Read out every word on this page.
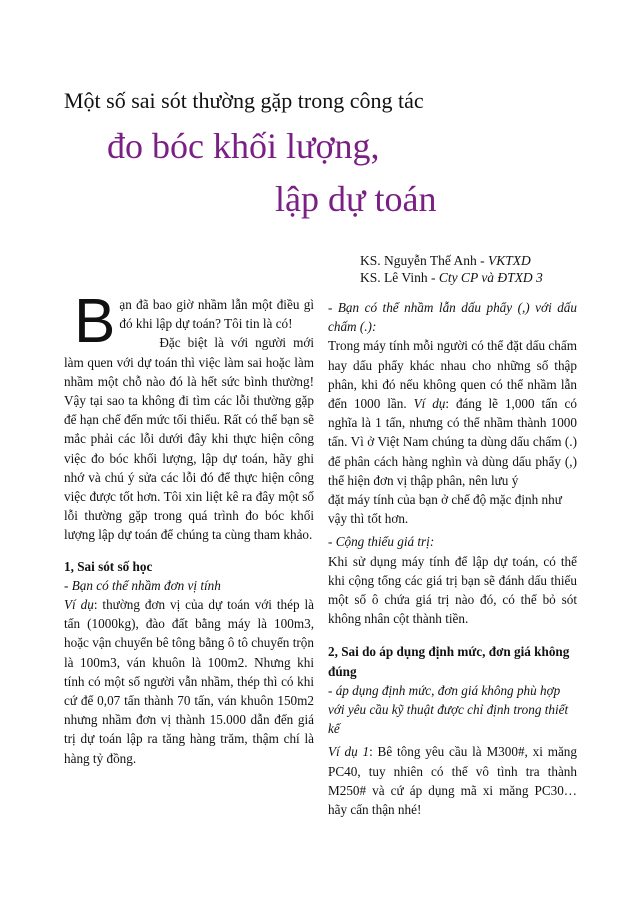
Một số sai sót thường gặp trong công tác
đo bóc khối lượng,
lập dự toán
KS. Nguyễn Thế Anh - VKTXD
KS. Lê Vinh - Cty CP và ĐTXD 3

Bạn đã bao giờ nhầm lẫn một điều gì đó khi lập dự toán? Tôi tin là có!

Đặc biệt là với người mới làm quen với dự toán thì việc làm sai hoặc làm nhầm một chỗ nào đó là hết sức bình thường! Vậy tại sao ta không đi tìm các lỗi thường gặp để hạn chế đến mức tối thiểu. Rất có thể bạn sẽ mắc phải các lỗi dưới đây khi thực hiện công việc đo bóc khối lượng, lập dự toán, hãy ghi nhớ và chú ý sửa các lỗi đó để thực hiện công việc được tốt hơn. Tôi xin liệt kê ra đây một số lỗi thường gặp trong quá trình đo bóc khối lượng lập dự toán để chúng ta cùng tham khảo.

1, Sai sót số học

- Bạn có thể nhầm đơn vị tính

Ví dụ: thường đơn vị của dự toán với thép là tấn (1000kg), đào đất bằng máy là 100m3, hoặc vận chuyển bê tông bằng ô tô chuyển trộn là 100m3, ván khuôn là 100m2. Nhưng khi tính có một số người vẫn nhầm, thép thì có khi cứ để 0,07 tấn thành 70 tấn, ván khuôn 150m2 nhưng nhầm đơn vị thành 15.000 dẫn đến giá trị dự toán lập ra tăng hàng trăm, thậm chí là hàng tỷ đồng.

- Bạn có thể nhầm lẫn dấu phẩy (,) với dấu chấm (.):

Trong máy tính mỗi người có thể đặt dấu chấm hay dấu phẩy khác nhau cho những số thập phân, khi đó nếu không quen có thể nhầm lẫn đến 1000 lần. Ví dụ: đáng lẽ 1,000 tấn có nghĩa là 1 tấn, nhưng có thể nhầm thành 1000 tấn. Vì ở Việt Nam chúng ta dùng dấu chấm (.) để phân cách hàng nghìn và dùng dấu phẩy (,) thể hiện đơn vị thập phân, nên lưu ý

đặt máy tính của bạn ở chế độ mặc định như vậy thì tốt hơn.

- Cộng thiếu giá trị:

Khi sử dụng máy tính để lập dự toán, có thể khi cộng tổng các giá trị bạn sẽ đánh dấu thiếu một số ô chứa giá trị nào đó, có thể bỏ sót không nhân cột thành tiền.

2, Sai do áp dụng định mức, đơn giá không đúng

- áp dụng định mức, đơn giá không phù hợp với yêu cầu kỹ thuật được chỉ định trong thiết kế

Ví dụ 1: Bê tông yêu cầu là M300#, xi măng PC40, tuy nhiên có thể vô tình tra thành M250# và cứ áp dụng mã xi măng PC30… hãy cẩn thận nhé!
